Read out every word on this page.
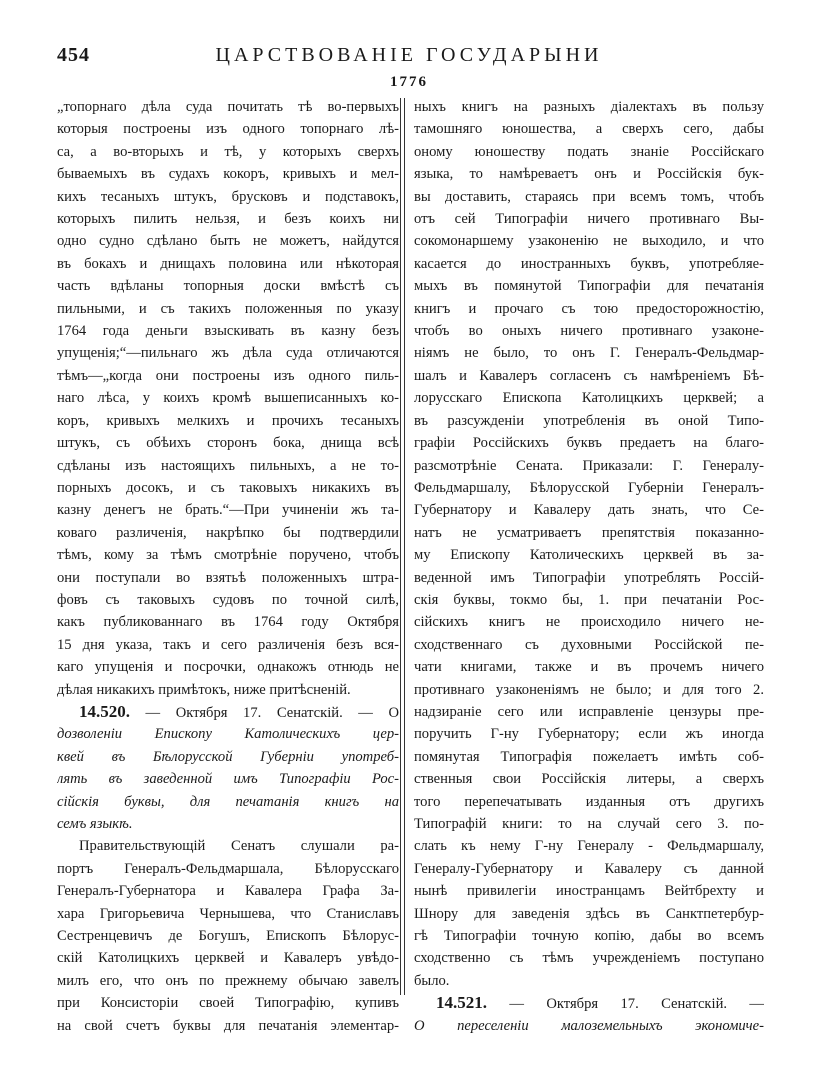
454	ЦАРСТВОВАНIЕ ГОСУДАРЫНИ
1776
„топорнаго дѣла суда почитать тѣ во-первыхъ
которыя построены изъ одного топорнаго лѣ-
са, а во-вторыхъ и тѣ, у которыхъ сверхъ
бываемыхъ въ судахъ кокоръ, кривыхъ и мел-
кихъ тесаныхъ штукъ, брусковъ и подставокъ,
которыхъ пилить нельзя, и безъ коихъ ни
одно судно сдѣлано быть не можетъ, найдутся
въ бокахъ и днищахъ половина или нѣкоторая
часть вдѣланы топорныя доски вмѣстѣ съ
пильными, и съ такихъ положенныя по указу
1764 года деньги взыскивать въ казну безъ
упущенiя;“—пильнаго жъ дѣла суда отличаются
тѣмъ—„когда они построены изъ одного пиль-
наго лѣса, у коихъ кромѣ вышеписанныхъ ко-
коръ, кривыхъ мелкихъ и прочихъ тесаныхъ
штукъ, съ обѣихъ сторонъ бока, днища всѣ
сдѣланы изъ настоящихъ пильныхъ, а не то-
порныхъ досокъ, и съ таковыхъ никакихъ въ
казну денегъ не брать.“—При учиненiи жъ та-
коваго различенiя, накрѣпко бы подтвердили
тѣмъ, кому за тѣмъ смотрѣнiе поручено, чтобъ
они поступали во взятьѣ положенныхъ штра-
фовъ съ таковыхъ судовъ по точной силѣ,
какъ публикованнаго въ 1764 году Октября
15 дня указа, такъ и сего различенiя безъ вся-
каго упущенiя и посрочки, однакожъ отнюдь не
дѣлая никакихъ примѣтокъ, ниже притѣсненiй.
14.520. — Октября 17. Сенатскiй. — О
дозволенiи Епископу Католическихъ цер-
квей въ Бѣлорусской Губернiи употреб-
лять въ заведенной имъ Типографiи Рос-
сiйскiя буквы, для печатанiя книгъ на
семъ языкѣ.
Правительствующiй Сенатъ слушали ра-
портъ Генералъ-Фельдмаршала, Бѣлорусскаго
Генералъ-Губернатора и Кавалера Графа За-
хара Григорьевича Чернышева, что Станиславъ
Сестренцевичъ де Богушъ, Епископъ Бѣлорус-
скiй Католицкихъ церквей и Кавалеръ увѣдо-
милъ его, что онъ по прежнему обычаю завелъ
при Консисторiи своей Типографiю, купивъ
на свой счетъ буквы для печатанiя элементар-
ныхъ книгъ на разныхъ дiалектахъ въ пользу
тамошняго юношества, а сверхъ сего, дабы
оному юношеству подать знанiе Россiйскаго
языка, то намѣреваетъ онъ и Россiйскiя бук-
вы доставить, стараясь при всемъ томъ, чтобъ
отъ сей Типографiи ничего противнаго Вы-
сокомонаршему узаконенiю не выходило, и что
касается до иностранныхъ буквъ, употребляе-
мыхъ въ помянутой Типографiи для печатанiя
книгъ и прочаго съ тою предосторожностiю,
чтобъ во оныхъ ничего противнаго узаконе-
нiямъ не было, то онъ Г. Генералъ-Фельдмар-
шалъ и Кавалеръ согласенъ съ намѣренiемъ Бѣ-
лорусскаго Епископа Католицкихъ церквей; а
въ разсужденiи употребленiя въ оной Типо-
графiи Россiйскихъ буквъ предаетъ на благо-
разсмотрѣнiе Сената. Приказали: Г. Генералу-
Фельдмаршалу, Бѣлорусской Губернiи Генералъ-
Губернатору и Кавалеру дать знать, что Се-
натъ не усматриваетъ препятствiя показанно-
му Епископу Католическихъ церквей въ за-
веденной имъ Типографiи употреблять Россiй-
скiя буквы, токмо бы, 1. при печатанiи Рос-
сiйскихъ книгъ не происходило ничего не-
сходственнаго съ духовными Россiйской пе-
чати книгами, также и въ прочемъ ничего
противнаго узаконенiямъ не было; и для того 2.
надзиранiе сего или исправленiе цензуры пре-
поручить Г-ну Губернатору; если жъ иногда
помянутая Типографiя пожелаетъ имѣть соб-
ственныя свои Россiйскiя литеры, а сверхъ
того перепечатывать изданныя отъ другихъ
Типографiй книги: то на случай сего 3. по-
слать къ нему Г-ну Генералу - Фельдмаршалу,
Генералу-Губернатору и Кавалеру съ данной
нынѣ привилегiи иностранцамъ Вейтбрехту и
Шнору для заведенiя здѣсь въ Санктпетербур-
гѣ Типографiи точную копiю, дабы во всемъ
сходственно съ тѣмъ учрежденiемъ поступано
было.
14.521. — Октября 17. Сенатскiй. —
О переселенiи малоземельныхъ экономиче-
